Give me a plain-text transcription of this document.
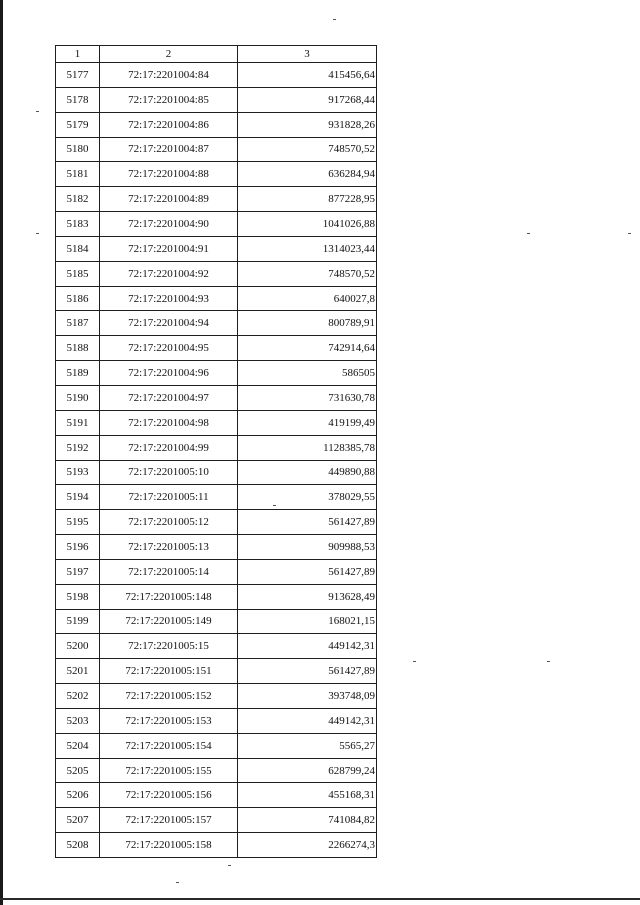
1	2	3
5177	72:17:2201004:84	415456,64
5178	72:17:2201004:85	917268,44
5179	72:17:2201004:86	931828,26
5180	72:17:2201004:87	748570,52
5181	72:17:2201004:88	636284,94
5182	72:17:2201004:89	877228,95
5183	72:17:2201004:90	1041026,88
5184	72:17:2201004:91	1314023,44
5185	72:17:2201004:92	748570,52
5186	72:17:2201004:93	640027,8
5187	72:17:2201004:94	800789,91
5188	72:17:2201004:95	742914,64
5189	72:17:2201004:96	586505
5190	72:17:2201004:97	731630,78
5191	72:17:2201004:98	419199,49
5192	72:17:2201004:99	1128385,78
5193	72:17:2201005:10	449890,88
5194	72:17:2201005:11	378029,55
5195	72:17:2201005:12	561427,89
5196	72:17:2201005:13	909988,53
5197	72:17:2201005:14	561427,89
5198	72:17:2201005:148	913628,49
5199	72:17:2201005:149	168021,15
5200	72:17:2201005:15	449142,31
5201	72:17:2201005:151	561427,89
5202	72:17:2201005:152	393748,09
5203	72:17:2201005:153	449142,31
5204	72:17:2201005:154	5565,27
5205	72:17:2201005:155	628799,24
5206	72:17:2201005:156	455168,31
5207	72:17:2201005:157	741084,82
5208	72:17:2201005:158	2266274,3
